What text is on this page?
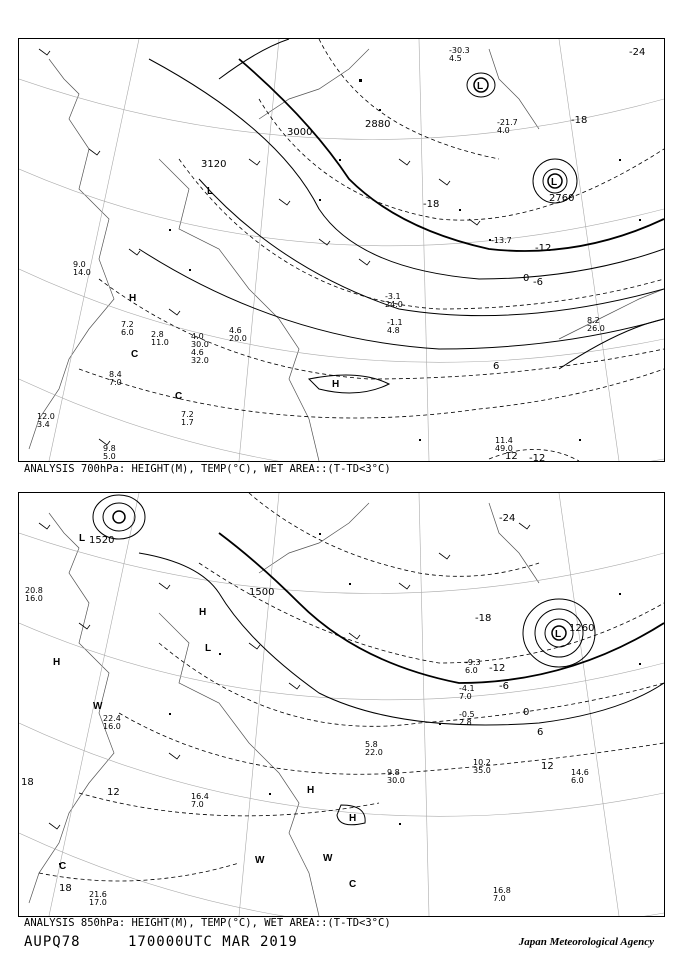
L
L
L
H
H
C
C
3000
3120
2880
2760
-24
-18
-18
-12
-6
0
6
12 -12
9.0
14.0
7.2
6.0 2.8
11.0
4.0
30.0
4.6
32.0
4.6
20.0
8.4
7.0
7.2
1.7
12.0
3.4
9.8
5.0
-3.1
24.0
-1.1
4.8
-13.7
8.2
26.0
11.4
49.0
-21.7
4.0
-30.3
4.5
ANALYSIS 700hPa: HEIGHT(M), TEMP(°C), WET AREA::(T-TD<3°C)
L
L
L
H
H
H
H
W
W	W
C
C
1520
1500
1260
-24
-18
-12
-6
0
6
12
18
18
12
20.8
16.0
22.4
16.0
10.2
35.0	14.6
6.0
16.8
7.0
21.6
17.0
16.4
7.0
5.8
22.0
9.8
30.0
-9.3
6.0
-0.5
2.8
-4.1
7.0
ANALYSIS 850hPa: HEIGHT(M), TEMP(°C), WET AREA::(T-TD<3°C)
AUPQ78	170000UTC MAR 2019	Japan Meteorological Agency
